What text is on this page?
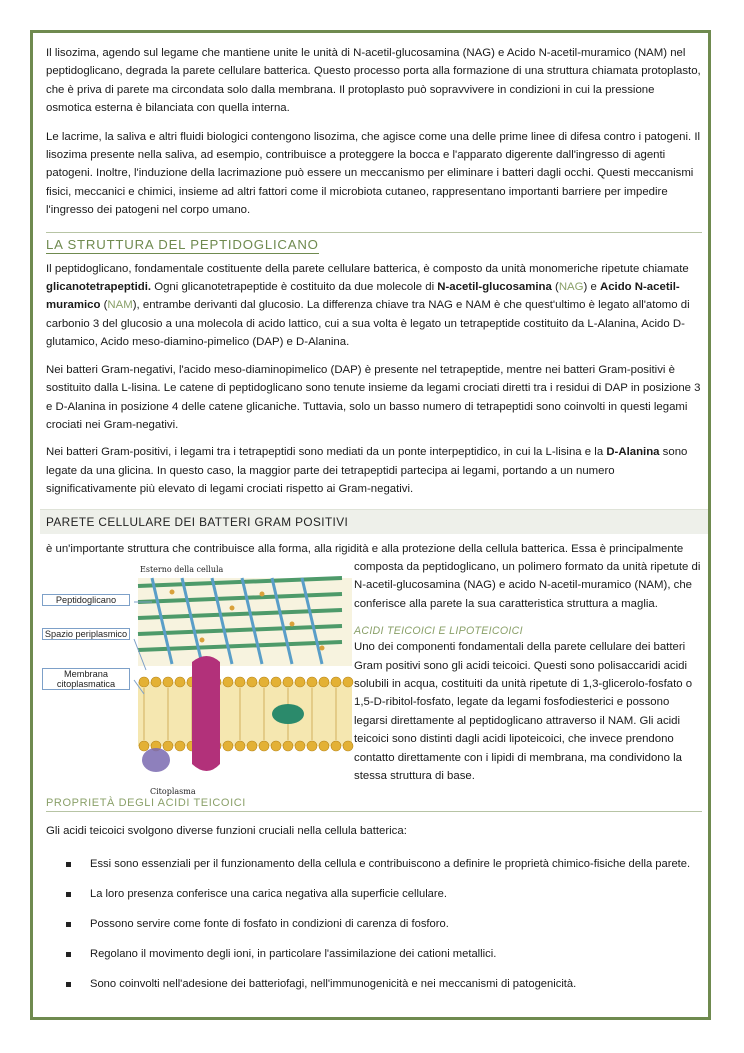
Il lisozima, agendo sul legame che mantiene unite le unità di N-acetil-glucosamina (NAG) e Acido N-acetil-muramico (NAM) nel peptidoglicano, degrada la parete cellulare batterica. Questo processo porta alla formazione di una struttura chiamata protoplasto, che è priva di parete ma circondata solo dalla membrana. Il protoplasto può sopravvivere in condizioni in cui la pressione osmotica esterna è bilanciata con quella interna.

Le lacrime, la saliva e altri fluidi biologici contengono lisozima, che agisce come una delle prime linee di difesa contro i patogeni. Il lisozima presente nella saliva, ad esempio, contribuisce a proteggere la bocca e l'apparato digerente dall'ingresso di agenti patogeni. Inoltre, l'induzione della lacrimazione può essere un meccanismo per eliminare i batteri dagli occhi. Questi meccanismi fisici, meccanici e chimici, insieme ad altri fattori come il microbiota cutaneo, rappresentano importanti barriere per impedire l'ingresso dei patogeni nel corpo umano.

LA STRUTTURA DEL PEPTIDOGLICANO

Il peptidoglicano, fondamentale costituente della parete cellulare batterica, è composto da unità monomeriche ripetute chiamate glicanotetrapeptidi. Ogni glicanotetrapeptide è costituito da due molecole di N-acetil-glucosamina (NAG) e Acido N-acetil-muramico (NAM), entrambe derivanti dal glucosio. La differenza chiave tra NAG e NAM è che quest'ultimo è legato all'atomo di carbonio 3 del glucosio a una molecola di acido lattico, cui a sua volta è legato un tetrapeptide costituito da L-Alanina, Acido D-glutamico, Acido meso-diamino-pimelico (DAP) e D-Alanina.

Nei batteri Gram-negativi, l'acido meso-diaminopimelico (DAP) è presente nel tetrapeptide, mentre nei batteri Gram-positivi è sostituito dalla L-lisina. Le catene di peptidoglicano sono tenute insieme da legami crociati diretti tra i residui di DAP in posizione 3 e D-Alanina in posizione 4 delle catene glicaniche. Tuttavia, solo un basso numero di tetrapeptidi sono coinvolti in questi legami crociati nei Gram-negativi.

Nei batteri Gram-positivi, i legami tra i tetrapeptidi sono mediati da un ponte interpeptidico, in cui la L-lisina e la D-Alanina sono legate da una glicina. In questo caso, la maggior parte dei tetrapeptidi partecipa ai legami, portando a un numero significativamente più elevato di legami crociati rispetto ai Gram-negativi.

PARETE CELLULARE DEI BATTERI GRAM POSITIVI

è un'importante struttura che contribuisce alla forma, alla rigidità e alla protezione della cellula batterica. Essa è principalmente

Esterno della cellula
Citoplasma
Peptidoglicano
Spazio periplasmico
Membrana citoplasmatica

composta da peptidoglicano, un polimero formato da unità ripetute di N-acetil-glucosamina (NAG) e acido N-acetil-muramico (NAM), che conferisce alla parete la sua caratteristica struttura a maglia.

ACIDI TEICOICI E LIPOTEICOICI

Uno dei componenti fondamentali della parete cellulare dei batteri Gram positivi sono gli acidi teicoici. Questi sono polisaccaridi acidi solubili in acqua, costituiti da unità ripetute di 1,3-glicerolo-fosfato o 1,5-D-ribitol-fosfato, legate da legami fosfodiesterici e possono legarsi direttamente al peptidoglicano attraverso il NAM. Gli acidi teicoici sono distinti dagli acidi lipoteicoici, che invece prendono contatto direttamente con i lipidi di membrana, ma condividono la stessa struttura di base.

PROPRIETÀ DEGLI ACIDI TEICOICI

Gli acidi teicoici svolgono diverse funzioni cruciali nella cellula batterica:

Essi sono essenziali per il funzionamento della cellula e contribuiscono a definire le proprietà chimico-fisiche della parete.
La loro presenza conferisce una carica negativa alla superficie cellulare.
Possono servire come fonte di fosfato in condizioni di carenza di fosforo.
Regolano il movimento degli ioni, in particolare l'assimilazione dei cationi metallici.
Sono coinvolti nell'adesione dei batteriofagi, nell'immunogenicità e nei meccanismi di patogenicità.
